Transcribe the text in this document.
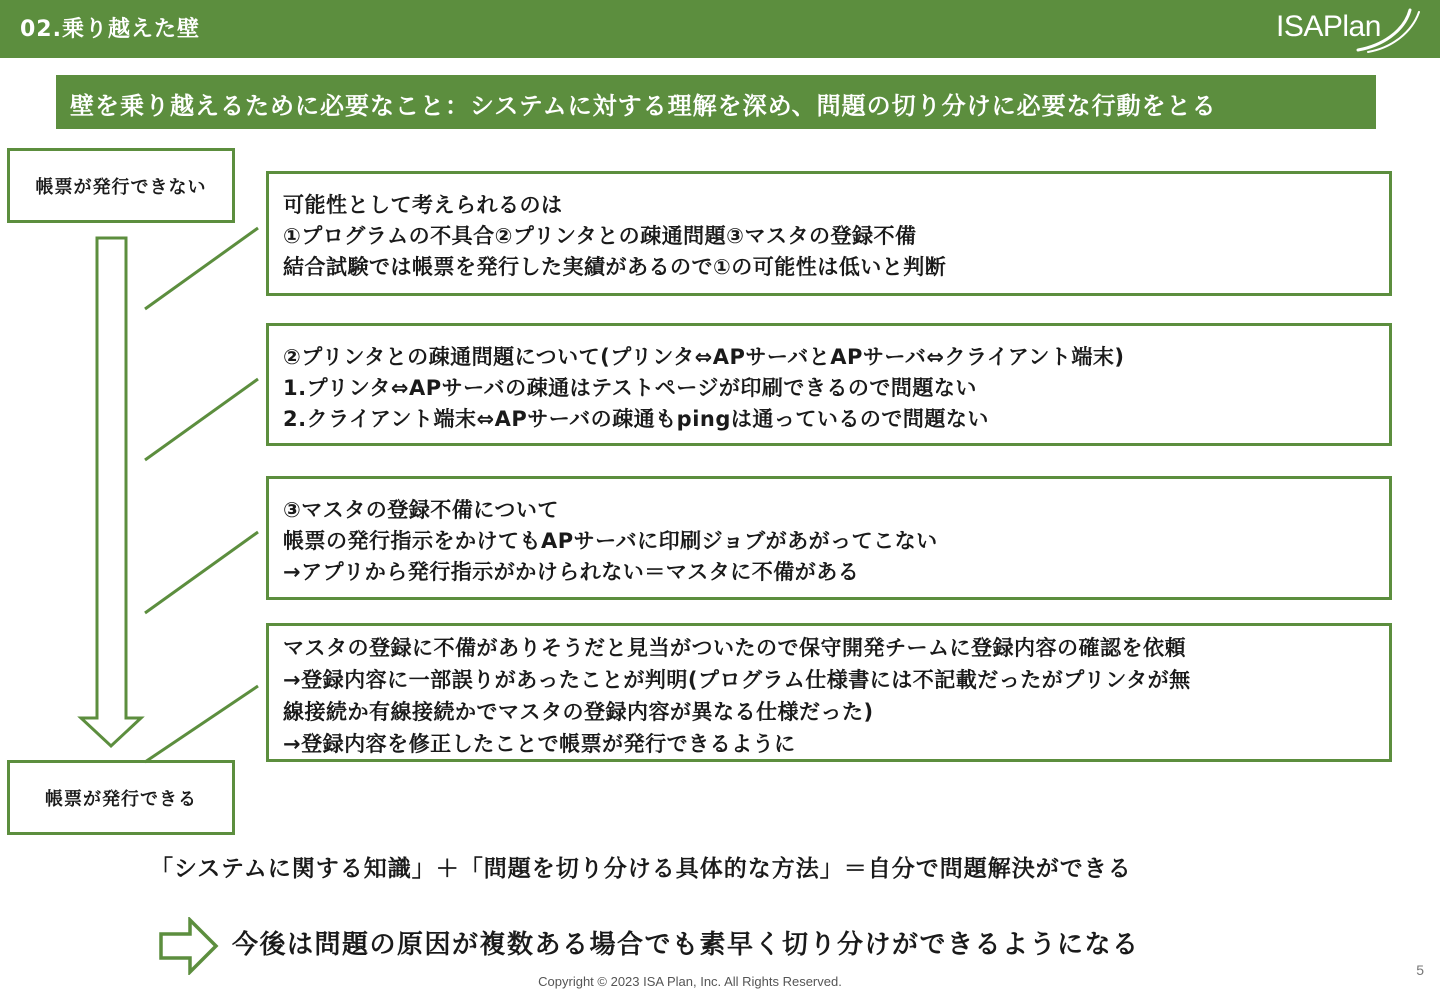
02.乗り越えた壁	ISAPlan
壁を乗り越えるために必要なこと：システムに対する理解を深め、問題の切り分けに必要な行動をとる
帳票が発行できない
帳票が発行できる
可能性として考えられるのは
①プログラムの不具合②プリンタとの疎通問題③マスタの登録不備
結合試験では帳票を発行した実績があるので①の可能性は低いと判断
②プリンタとの疎通問題について(プリンタ⇔APサーバとAPサーバ⇔クライアント端末)
1.プリンタ⇔APサーバの疎通はテストページが印刷できるので問題ない
2.クライアント端末⇔APサーバの疎通もpingは通っているので問題ない
③マスタの登録不備について
帳票の発行指示をかけてもAPサーバに印刷ジョブがあがってこない
→アプリから発行指示がかけられない＝マスタに不備がある
マスタの登録に不備がありそうだと見当がついたので保守開発チームに登録内容の確認を依頼
→登録内容に一部誤りがあったことが判明(プログラム仕様書には不記載だったがプリンタが無
線接続か有線接続かでマスタの登録内容が異なる仕様だった)
→登録内容を修正したことで帳票が発行できるように
「システムに関する知識」＋「問題を切り分ける具体的な方法」＝自分で問題解決ができる
今後は問題の原因が複数ある場合でも素早く切り分けができるようになる
Copyright © 2023 ISA Plan, Inc. All Rights Reserved.
5
